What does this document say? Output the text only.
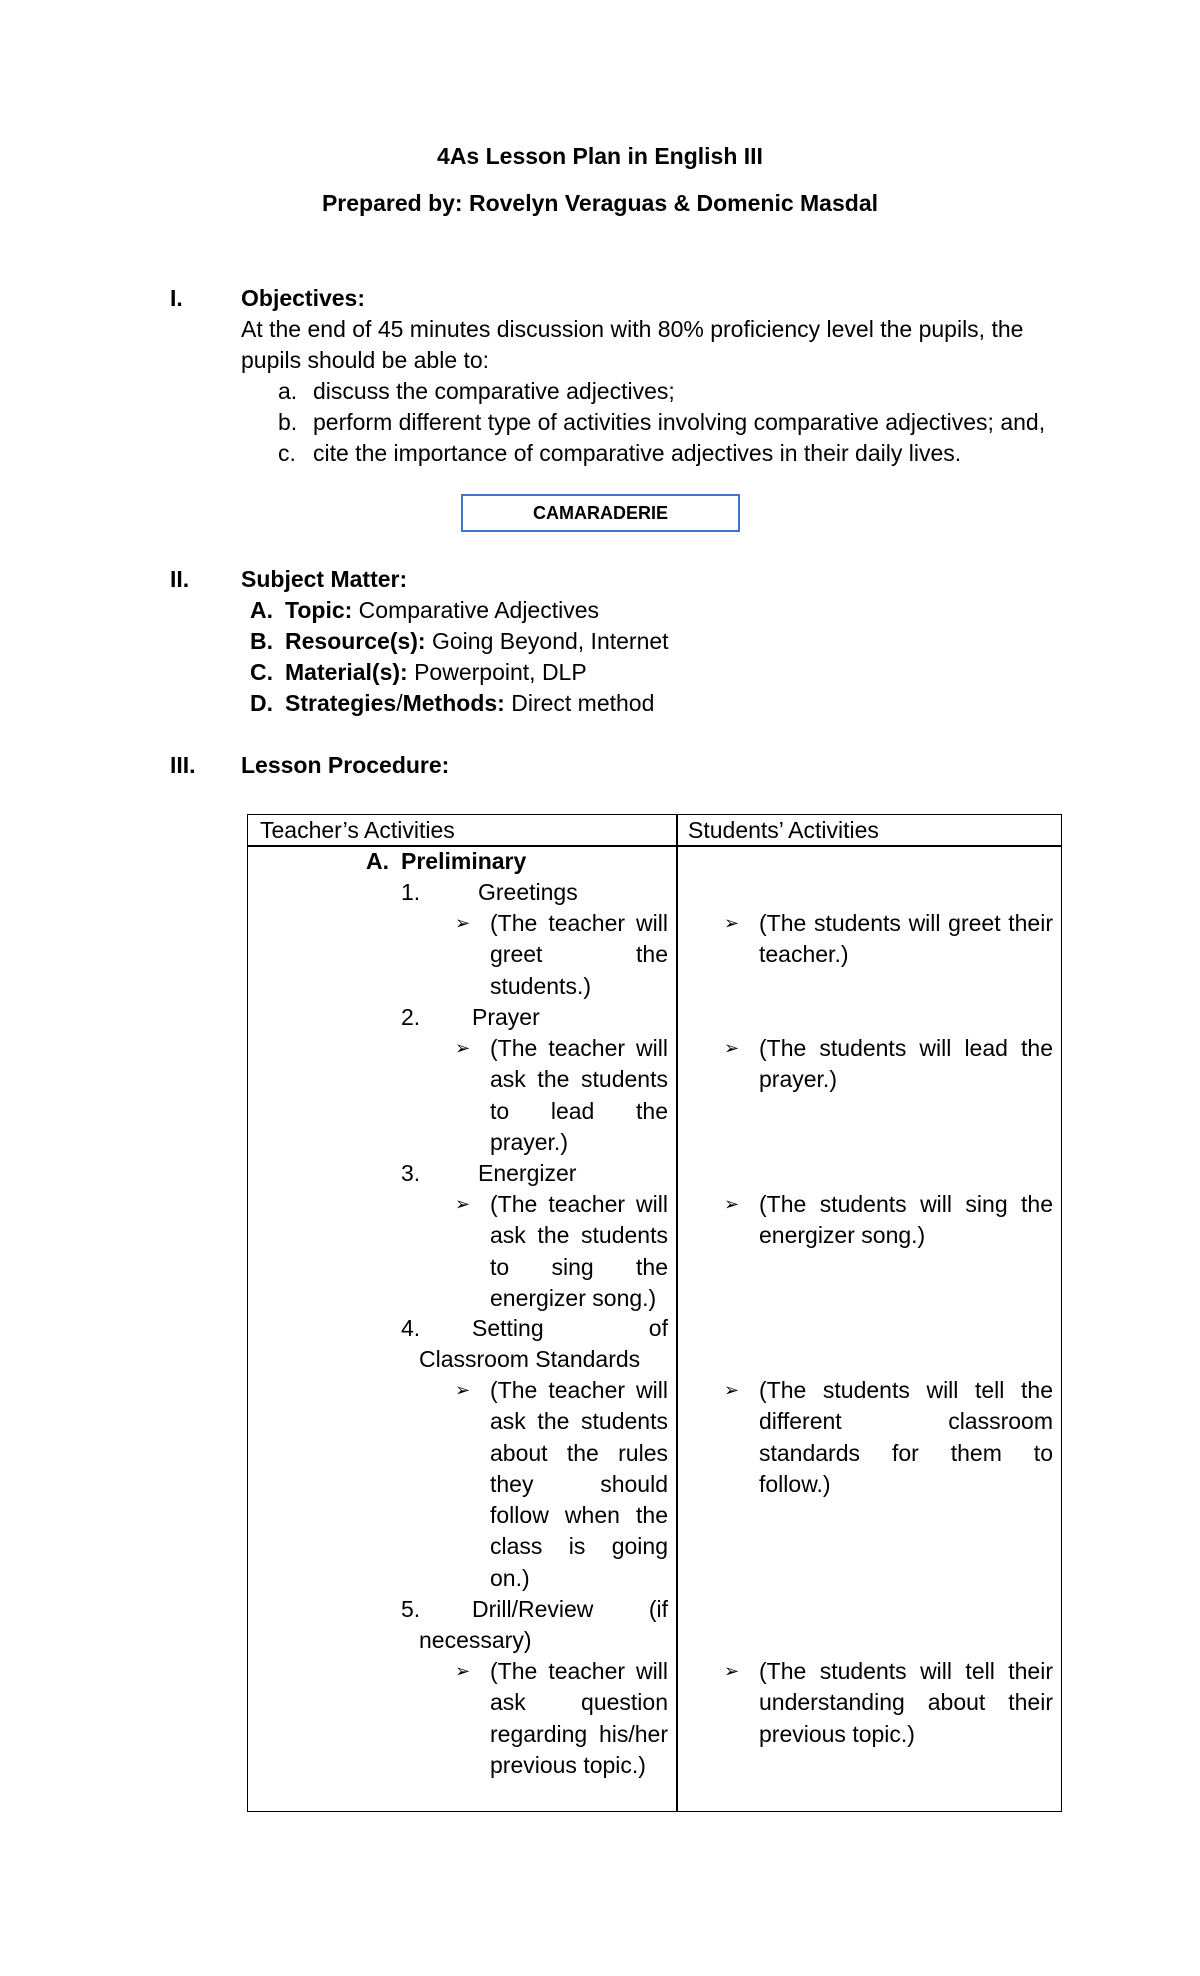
4As Lesson Plan in English III
Prepared by: Rovelyn Veraguas & Domenic Masdal
I.	Objectives:
At the end of 45 minutes discussion with 80% proficiency level the pupils, the
pupils should be able to:
a. discuss the comparative adjectives;
b. perform different type of activities involving comparative adjectives; and,
c. cite the importance of comparative adjectives in their daily lives.
CAMARADERIE
II. Subject Matter:
A. Topic: Comparative Adjectives
B. Resource(s): Going Beyond, Internet
C. Material(s): Powerpoint, DLP
D. Strategies/Methods: Direct method
III. Lesson Procedure:
Teacher’s Activities	Students’ Activities
A. Preliminary
1.	Greetings
➢ (The teacher will greet the students.)
➢ (The students will greet their teacher.)
2. Prayer
➢ (The teacher will ask the students to lead the prayer.)
➢ (The students will lead the prayer.)
3.	Energizer
➢ (The teacher will ask the students to sing the energizer song.)
➢ (The students will sing the energizer song.)
4. Setting of
Classroom Standards
➢ (The teacher will ask the students about the rules they should follow when the class is going on.)
➢ (The students will tell the different classroom standards for them to follow.)
5. Drill/Review (if
necessary)
➢ (The teacher will ask question regarding his/her previous topic.)
➢ (The students will tell their understanding about their previous topic.)
